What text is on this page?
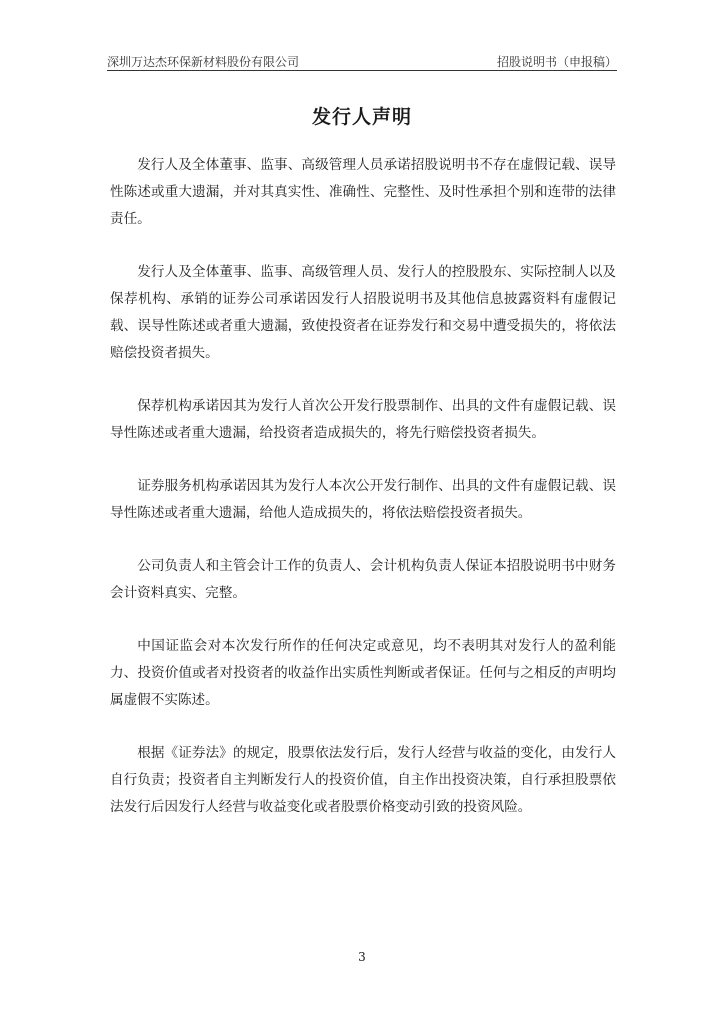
深圳万达杰环保新材料股份有限公司	招股说明书（申报稿）
发行人声明

发行人及全体董事、监事、高级管理人员承诺招股说明书不存在虚假记载、误导性陈述或重大遗漏，并对其真实性、准确性、完整性、及时性承担个别和连带的法律责任。

发行人及全体董事、监事、高级管理人员、发行人的控股股东、实际控制人以及保荐机构、承销的证券公司承诺因发行人招股说明书及其他信息披露资料有虚假记载、误导性陈述或者重大遗漏，致使投资者在证券发行和交易中遭受损失的，将依法赔偿投资者损失。

保荐机构承诺因其为发行人首次公开发行股票制作、出具的文件有虚假记载、误导性陈述或者重大遗漏，给投资者造成损失的，将先行赔偿投资者损失。

证券服务机构承诺因其为发行人本次公开发行制作、出具的文件有虚假记载、误导性陈述或者重大遗漏，给他人造成损失的，将依法赔偿投资者损失。

公司负责人和主管会计工作的负责人、会计机构负责人保证本招股说明书中财务会计资料真实、完整。

中国证监会对本次发行所作的任何决定或意见，均不表明其对发行人的盈利能力、投资价值或者对投资者的收益作出实质性判断或者保证。任何与之相反的声明均属虚假不实陈述。

根据《证券法》的规定，股票依法发行后，发行人经营与收益的变化，由发行人自行负责；投资者自主判断发行人的投资价值，自主作出投资决策，自行承担股票依法发行后因发行人经营与收益变化或者股票价格变动引致的投资风险。

3
